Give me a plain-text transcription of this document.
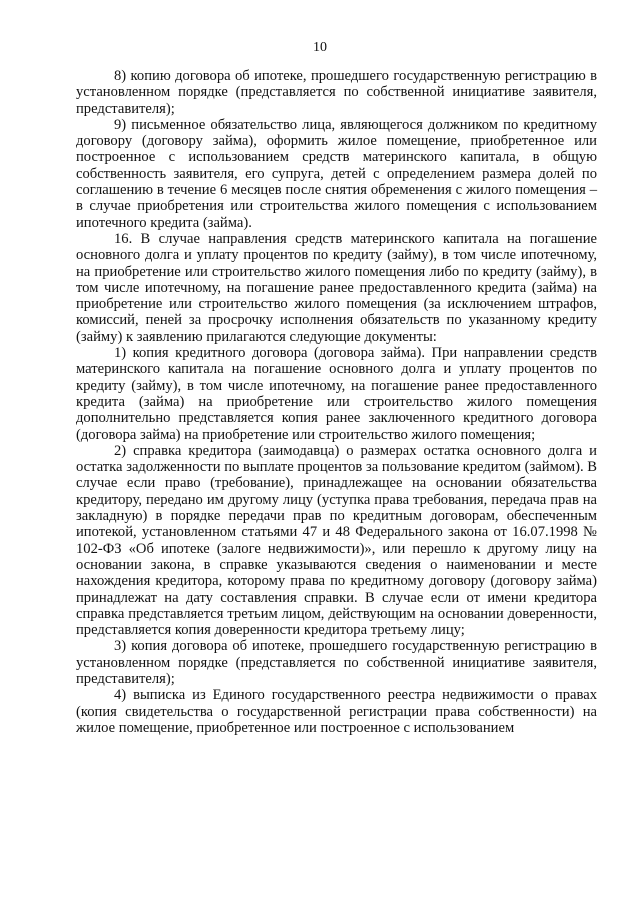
10

8) копию договора об ипотеке, прошедшего государственную регистрацию в установленном порядке (представляется по собственной инициативе заявителя, представителя);

9) письменное обязательство лица, являющегося должником по кредитному договору (договору займа), оформить жилое помещение, приобретенное или построенное с использованием средств материнского капитала, в общую собственность заявителя, его супруга, детей с определением размера долей по соглашению в течение 6 месяцев после снятия обременения с жилого помещения – в случае приобретения или строительства жилого помещения с использованием ипотечного кредита (займа).

16. В случае направления средств материнского капитала на погашение основного долга и уплату процентов по кредиту (займу), в том числе ипотечному, на приобретение или строительство жилого помещения либо по кредиту (займу), в том числе ипотечному, на погашение ранее предоставленного кредита (займа) на приобретение или строительство жилого помещения (за исключением штрафов, комиссий, пеней за просрочку исполнения обязательств по указанному кредиту (займу) к заявлению прилагаются следующие документы:

1) копия кредитного договора (договора займа). При направлении средств материнского капитала на погашение основного долга и уплату процентов по кредиту (займу), в том числе ипотечному, на погашение ранее предоставленного кредита (займа) на приобретение или строительство жилого помещения дополнительно представляется копия ранее заключенного кредитного договора (договора займа) на приобретение или строительство жилого помещения;

2) справка кредитора (заимодавца) о размерах остатка основного долга и остатка задолженности по выплате процентов за пользование кредитом (займом). В случае если право (требование), принадлежащее на основании обязательства кредитору, передано им другому лицу (уступка права требования, передача прав на закладную) в порядке передачи прав по кредитным договорам, обеспеченным ипотекой, установленном статьями 47 и 48 Федерального закона от 16.07.1998 № 102-ФЗ «Об ипотеке (залоге недвижимости)», или перешло к другому лицу на основании закона, в справке указываются сведения о наименовании и месте нахождения кредитора, которому права по кредитному договору (договору займа) принадлежат на дату составления справки. В случае если от имени кредитора справка представляется третьим лицом, действующим на основании доверенности, представляется копия доверенности кредитора третьему лицу;

3) копия договора об ипотеке, прошедшего государственную регистрацию в установленном порядке (представляется по собственной инициативе заявителя, представителя);

4) выписка из Единого государственного реестра недвижимости о правах (копия свидетельства о государственной регистрации права собственности) на жилое помещение, приобретенное или построенное с использованием
